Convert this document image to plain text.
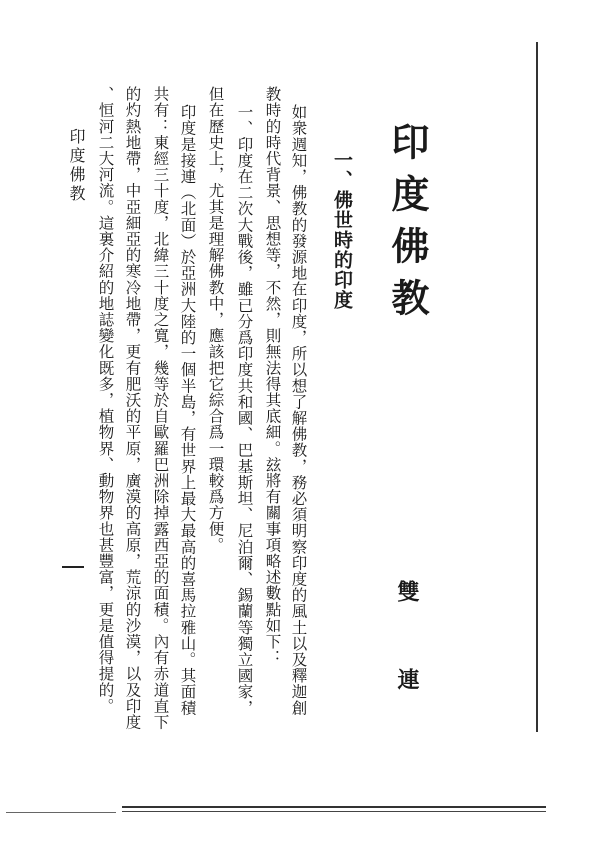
印度佛教
雙　連
一、佛世時的印度
如衆週知，佛教的發源地在印度，所以想了解佛教，務必須明察印度的風土以及釋迦創
教時的時代背景、思想等，不然，則無法得其底細。玆將有關事項略述數點如下：
一、印度在二次大戰後，雖已分爲印度共和國、巴基斯坦、尼泊爾、錫蘭等獨立國家，
但在歷史上，尤其是理解佛教中，應該把它綜合爲一環較爲方便。
印度是接連（北面）於亞洲大陸的一個半島，有世界上最大最高的喜馬拉雅山。其面積
共有：東經三十度，北緯三十度之寬，幾等於自歐羅巴洲除掉露西亞的面積。內有赤道直下
的灼熱地帶，中亞細亞的寒冷地帶，更有肥沃的平原，廣漠的高原，荒涼的沙漠，以及印度
、恒河二大河流。這裏介紹的地誌變化既多，植物界、動物界也甚豐富，更是值得提的。
印度佛教
